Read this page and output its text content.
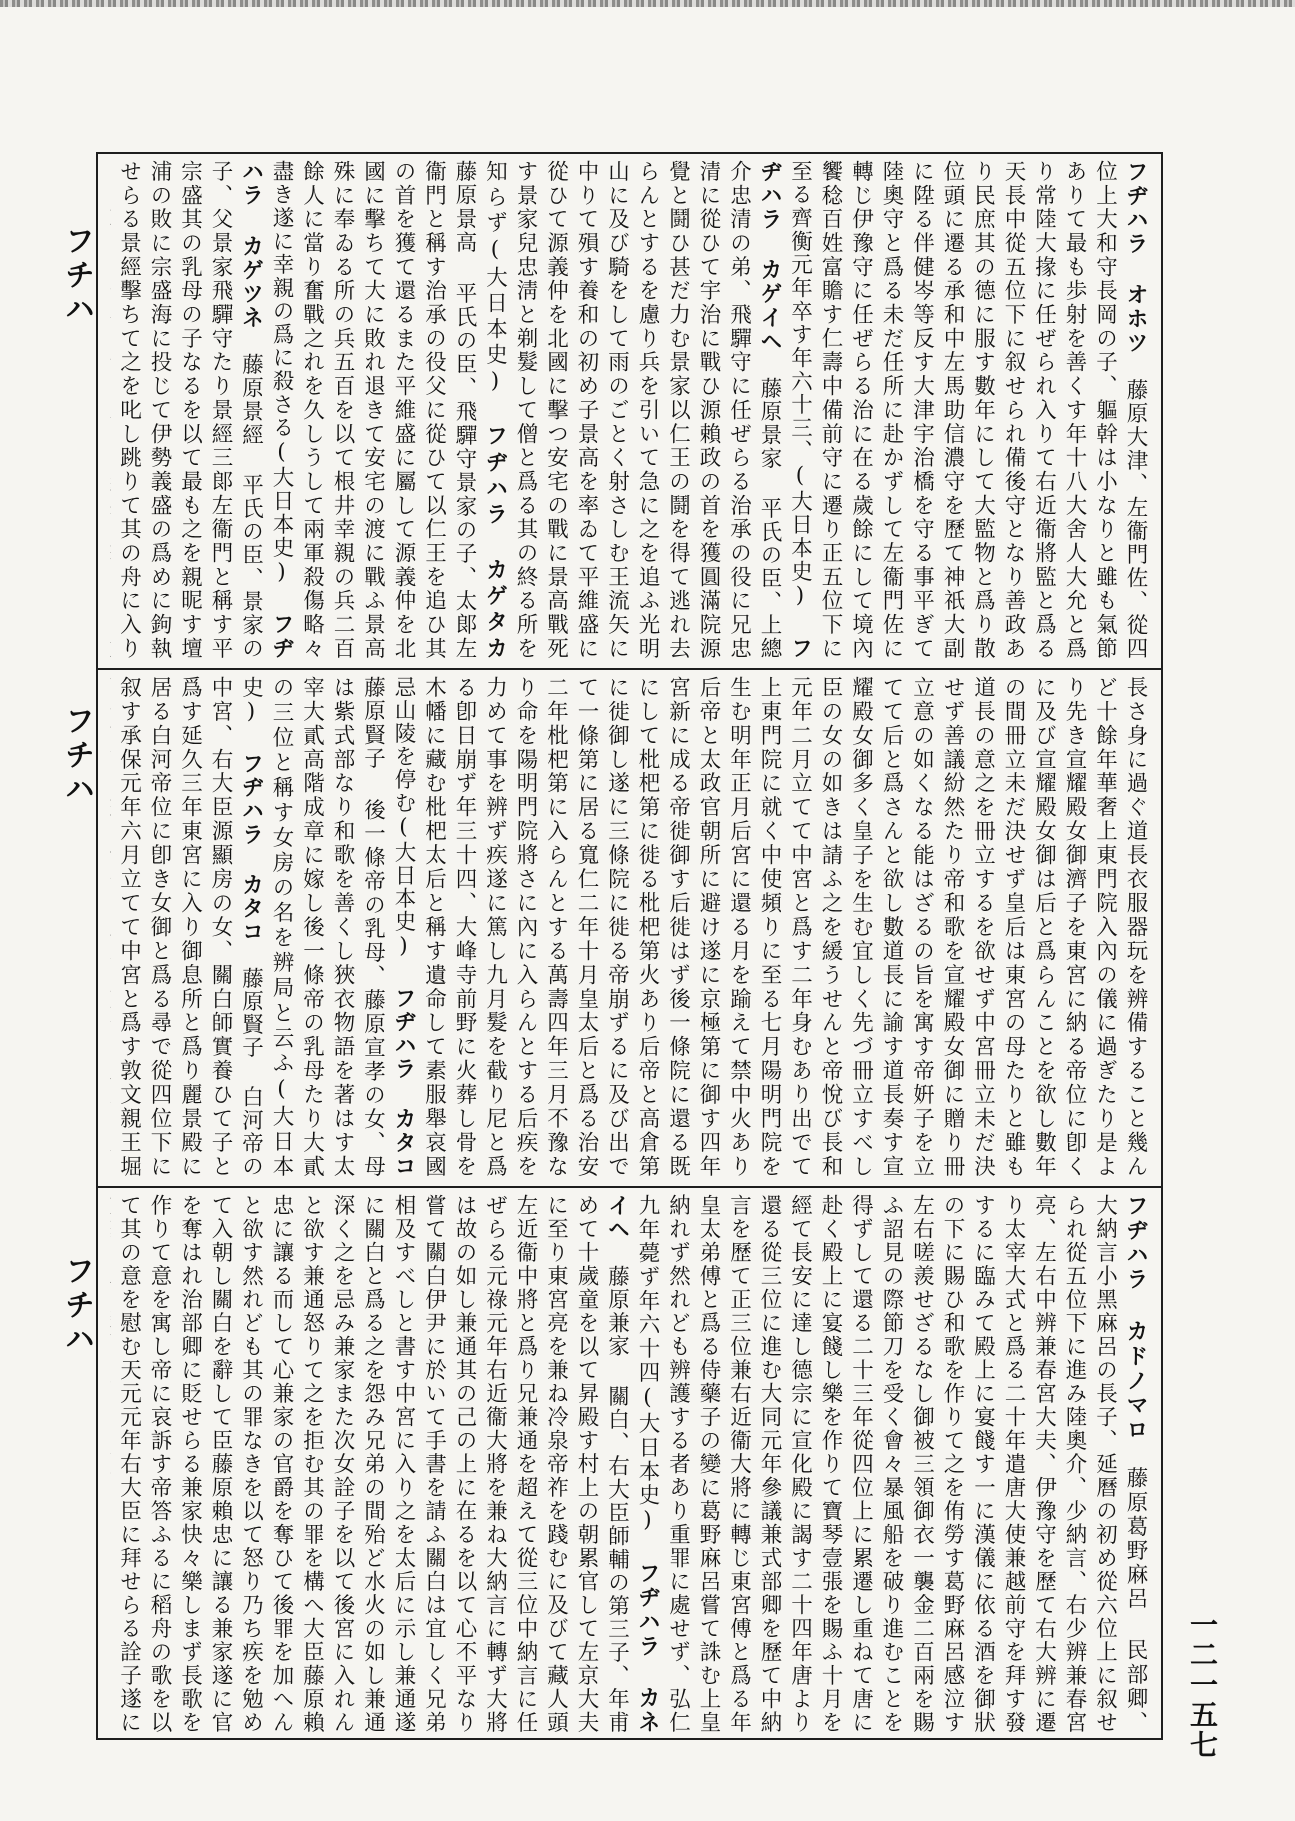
フチハ
フチハ
フチハ
一二一五七
フヂハラ オホツ　藤原大津、左衞門佐、從四位上大和守長岡の子、軀幹は小なりと雖も氣節ありて最も歩射を善くす年十八大舍人大允と爲り常陸大掾に任ぜられ入りて右近衞將監と爲る天長中從五位下に叙せられ備後守となり善政あり民庶其の德に服す數年にして大監物と爲り散位頭に遷る承和中左馬助信濃守を歷て神祇大副に陞る伴健岑等反す大津宇治橋を守る事平ぎて陸奧守と爲る未だ任所に赴かずして左衞門佐に轉じ伊豫守に任ぜらる治に在る歲餘にして境內饗稔百姓富贍す仁壽中備前守に遷り正五位下に至る齊衡元年卒す年六十三、(大日本史) フヂハラ カゲイヘ　藤原景家 平氏の臣、上總介忠清の弟、飛驒守に任ぜらる治承の役に兄忠清に從ひて宇治に戰ひ源賴政の首を獲圓滿院源覺と鬪ひ甚だ力む景家以仁王の鬪を得て逃れ去らんとするを慮り兵を引いて急に之を追ふ光明山に及び騎をして雨のごとく射さしむ王流矢に中りて殞す養和の初め子景高を率ゐて平維盛に從ひて源義仲を北國に擊つ安宅の戰に景高戰死す景家兒忠淸と剃髮して僧と爲る其の終る所を知らず(大日本史) フヂハラ カゲタカ　藤原景高 平氏の臣、飛驒守景家の子、太郞左衞門と稱す治承の役父に從ひて以仁王を追ひ其の首を獲て還るまた平維盛に屬して源義仲を北國に擊ちて大に敗れ退きて安宅の渡に戰ふ景高殊に奉ゐる所の兵五百を以て根井幸親の兵二百餘人に當り奮戰之れを久しうして兩軍殺傷略々盡き遂に幸親の爲に殺さる(大日本史) フヂハラ カゲツネ　藤原景經 平氏の臣、景家の子、父景家飛驒守たり景經三郞左衞門と稱す平宗盛其の乳母の子なるを以て最も之を親昵す壇浦の敗に宗盛海に投じて伊勢義盛の爲めに鉤執せらる景經擊ちて之を叱し跳りて其の舟に入り 　
長さ身に過ぐ道長衣服器玩を辨備すること幾んど十餘年華奢上東門院入內の儀に過ぎたり是より先き宣耀殿女御濟子を東宮に納る帝位に卽くに及び宣耀殿女御は后と爲らんことを欲し數年の間冊立未だ決せず皇后は東宮の母たりと雖も道長の意之を冊立するを欲せず中宮冊立未だ決せず善議紛然たり帝和歌を宣耀殿女御に贈り冊立意の如くなる能はざるの旨を寓す帝姸子を立てて后と爲さんと欲し數道長に諭す道長奏す宣耀殿女御多く皇子を生む宜しく先づ冊立すべし臣の女の如きは請ふ之を緩うせんと帝悅び長和元年二月立てて中宮と爲す二年身むあり出でて上東門院に就く中使頻りに至る七月陽明門院を生む明年正月后宮に還る月を踰えて禁中火あり后帝と太政官朝所に避け遂に京極第に御す四年宮新に成る帝徙御す后徙はず後一條院に還る既にして枇杷第に徙る枇杷第火あり后帝と高倉第に徙御し遂に三條院に徙る帝崩ずるに及び出でて一條第に居る寬仁二年十月皇太后と爲る治安二年枇杷第に入らんとする萬壽四年三月不豫なり命を陽明門院將さに內に入らんとする后疾を力めて事を辨ず疾遂に篤し九月髮を截り尼と爲る卽日崩ず年三十四、大峰寺前野に火葬し骨を木幡に藏む枇杷太后と稱す遺命して素服舉哀國忌山陵を停む(大日本史) フヂハラ カタコ　藤原賢子 後一條帝の乳母、藤原宣孝の女、母は紫式部なり和歌を善くし狹衣物語を著はす太宰大貳高階成章に嫁し後一條帝の乳母たり大貳の三位と稱す女房の名を辨局と云ふ(大日本史) フヂハラ カタコ　藤原賢子 白河帝の中宮、右大臣源顯房の女、關白師實養ひて子と爲す延久三年東宮に入り御息所と爲り麗景殿に居る白河帝位に卽き女御と爲る尋で從四位下に叙す承保元年六月立てて中宮と爲す敦文親王堀
フヂハラ カドノマロ　藤原葛野麻呂 民部卿、大納言小黑麻呂の長子、延曆の初め從六位上に叙せられ從五位下に進み陸奧介、少納言、右少辨兼春宮亮、左右中辨兼春宮大夫、伊豫守を歷て右大辨に遷り太宰大式と爲る二十年遣唐大使兼越前守を拜す發するに臨みて殿上に宴餞す一に漢儀に依る酒を御狀の下に賜ひ和歌を作りて之を侑勞す葛野麻呂感泣す左右嗟羨せざるなし御被三領御衣一襲金二百兩を賜ふ詔見の際節刀を受く會々暴風船を破り進むことを得ずして還る二十三年從四位上に累遷し重ねて唐に赴く殿上に宴餞し樂を作りて寶琴壹張を賜ふ十月を經て長安に達し德宗に宣化殿に謁す二十四年唐より還る從三位に進む大同元年參議兼式部卿を歷て中納言を歷て正三位兼右近衞大將に轉じ東宮傅と爲る年皇太弟傅と爲る侍藥子の變に葛野麻呂嘗て誅む上皇納れず然れども辨護する者あり重罪に處せず、弘仁九年薨ず年六十四(大日本史) フヂハラ カネイヘ　藤原兼家 關白、右大臣師輔の第三子、年甫めて十歲童を以て昇殿す村上の朝累官して左京大夫に至り東宮亮を兼ね冷泉帝祚を踐むに及びて藏人頭左近衞中將と爲り兄兼通を超えて從三位中納言に任ぜらる元祿元年右近衞大將を兼ね大納言に轉ず大將は故の如し兼通其の己の上に在るを以て心不平なり嘗て關白伊尹に於いて手書を請ふ關白は宜しく兄弟相及すべしと書す中宮に入り之を太后に示し兼通遂に關白と爲る之を怨み兄弟の間殆ど水火の如し兼通深く之を忌み兼家また次女詮子を以て後宮に入れんと欲す兼通怒りて之を拒む其の罪を構へ大臣藤原賴忠に讓る而して心兼家の官爵を奪ひて後罪を加へんと欲す然れども其の罪なきを以て怒り乃ち疾を勉めて入朝し關白を辭して臣藤原賴忠に讓る兼家遂に官を奪はれ治部卿に貶せらる兼家快々樂しまず長歌を作りて意を寓し帝に哀訴す帝答ふるに稻舟の歌を以て其の意を慰む天元元年右大臣に拜せらる詮子遂に
